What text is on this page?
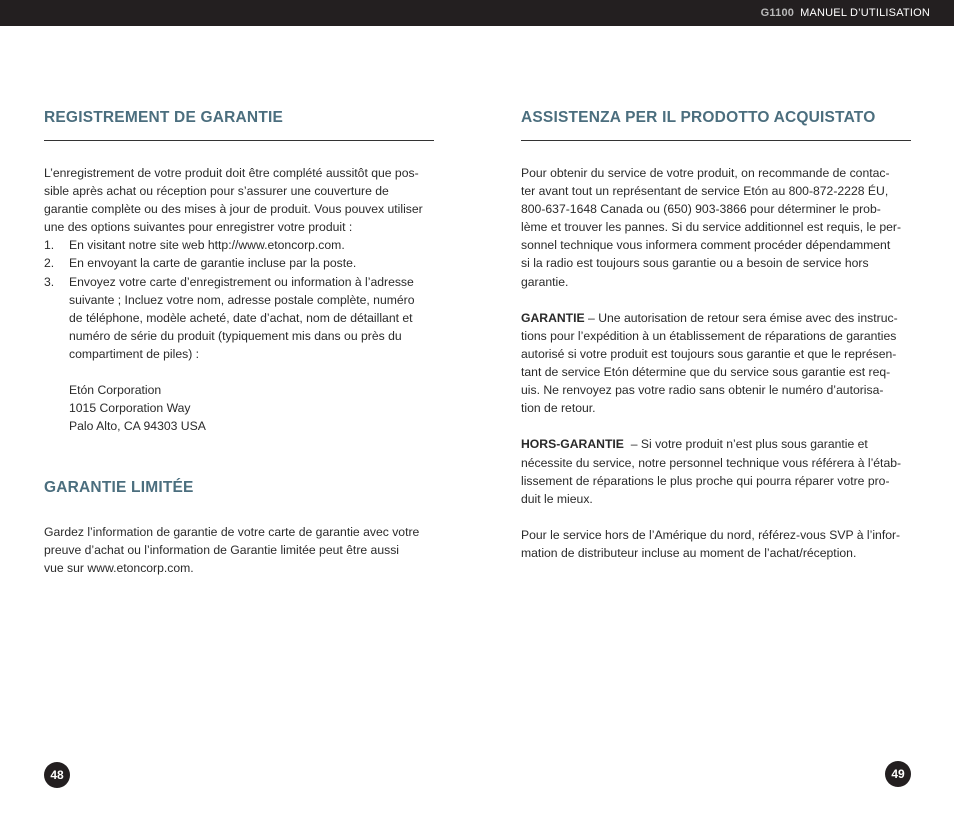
G1100 MANUEL D’UTILISATION
REGISTREMENT DE GARANTIE

L’enregistrement de votre produit doit être complété aussitôt que pos-

sible après achat ou réception pour s’assurer une couverture de

garantie complète ou des mises à jour de produit. Vous pouvex utiliser

une des options suivantes pour enregistrer votre produit :

1. En visitant notre site web http://www.etoncorp.com.

2. En envoyant la carte de garantie incluse par la poste.

3. Envoyez votre carte d’enregistrement ou information à l’adresse

suivante ; Incluez votre nom, adresse postale complète, numéro

de téléphone, modèle acheté, date d’achat, nom de détaillant et

numéro de série du produit (typiquement mis dans ou près du

compartiment de piles) :

Etón Corporation

1015 Corporation Way

Palo Alto, CA 94303 USA

GARANTIE LIMITÉE

Gardez l’information de garantie de votre carte de garantie avec votre

preuve d’achat ou l’information de Garantie limitée peut être aussi

vue sur www.etoncorp.com.

ASSISTENZA PER IL PRODOTTO ACQUISTATO

Pour obtenir du service de votre produit, on recommande de contac-

ter avant tout un représentant de service Etón au 800-872-2228 ÉU,

800-637-1648 Canada ou (650) 903-3866 pour déterminer le prob-

lème et trouver les pannes. Si du service additionnel est requis, le per-

sonnel technique vous informera comment procéder dépendamment

si la radio est toujours sous garantie ou a besoin de service hors

garantie.

GARANTIE – Une autorisation de retour sera émise avec des instruc-

tions pour l’expédition à un établissement de réparations de garanties

autorisé si votre produit est toujours sous garantie et que le représen-

tant de service Etón détermine que du service sous garantie est req-

uis. Ne renvoyez pas votre radio sans obtenir le numéro d’autorisa-

tion de retour.

HORS-GARANTIE  – Si votre produit n’est plus sous garantie et

nécessite du service, notre personnel technique vous référera à l’étab-

lissement de réparations le plus proche qui pourra réparer votre pro-

duit le mieux.

Pour le service hors de l’Amérique du nord, référez-vous SVP à l’infor-

mation de distributeur incluse au moment de l’achat/réception.

48	49
